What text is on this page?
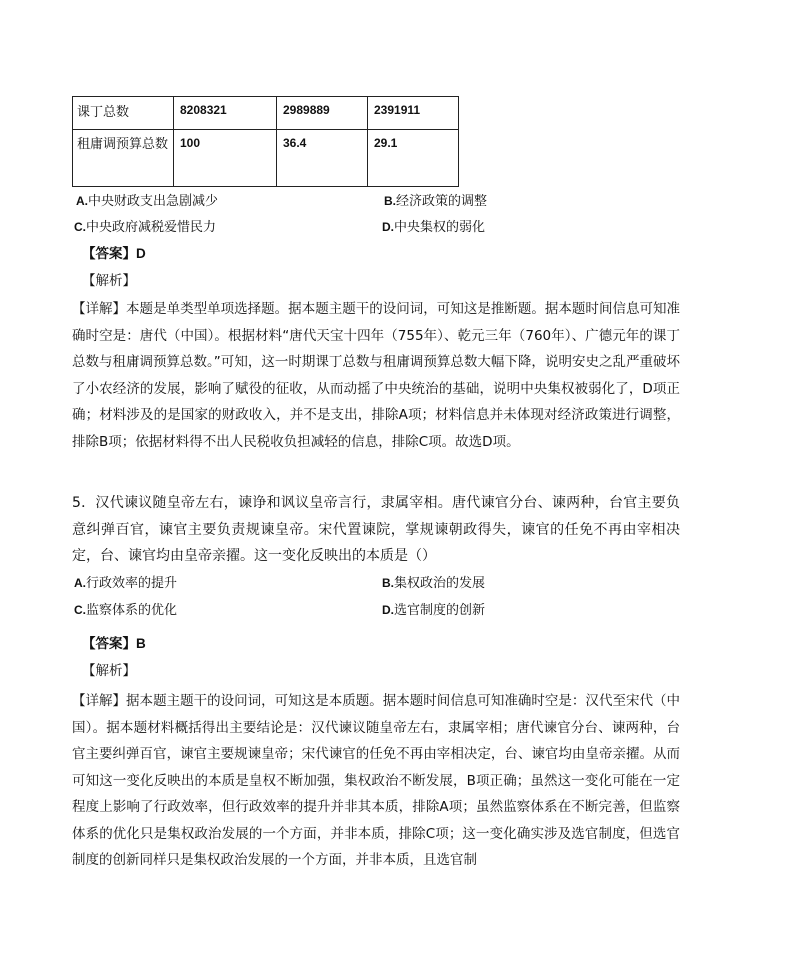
课丁总数	8208321	2989889	2391911
租庸调预算总数	100	36.4	29.1
A.中央财政支出急剧减少	B.经济政策的调整
C.中央政府减税爱惜民力	D.中央集权的弱化
【答案】D
【解析】
【详解】本题是单类型单项选择题。据本题主题干的设问词，可知这是推断题。据本题时间信息可知准确时空是：唐代（中国）。根据材料“唐代天宝十四年（755年）、乾元三年（760年）、广德元年的课丁总数与租庸调预算总数。”可知，这一时期课丁总数与租庸调预算总数大幅下降，说明安史之乱严重破坏了小农经济的发展，影响了赋役的征收，从而动摇了中央统治的基础，说明中央集权被弱化了，D项正确；材料涉及的是国家的财政收入，并不是支出，排除A项；材料信息并未体现对经济政策进行调整，排除B项；依据材料得不出人民税收负担减轻的信息，排除C项。故选D项。
5．汉代谏议随皇帝左右，谏诤和讽议皇帝言行，隶属宰相。唐代谏官分台、谏两种，台官主要负意纠弹百官，谏官主要负责规谏皇帝。宋代置谏院，掌规谏朝政得失，谏官的任免不再由宰相决定，台、谏官均由皇帝亲擢。这一变化反映出的本质是（）
A.行政效率的提升	B.集权政治的发展
C.监察体系的优化	D.选官制度的创新
【答案】B
【解析】
【详解】据本题主题干的设问词，可知这是本质题。据本题时间信息可知准确时空是：汉代至宋代（中国）。据本题材料概括得出主要结论是：汉代谏议随皇帝左右，隶属宰相；唐代谏官分台、谏两种，台官主要纠弹百官，谏官主要规谏皇帝；宋代谏官的任免不再由宰相决定，台、谏官均由皇帝亲擢。从而可知这一变化反映出的本质是皇权不断加强，集权政治不断发展，B项正确；虽然这一变化可能在一定程度上影响了行政效率，但行政效率的提升并非其本质，排除A项；虽然监察体系在不断完善，但监察体系的优化只是集权政治发展的一个方面，并非本质，排除C项；这一变化确实涉及选官制度，但选官制度的创新同样只是集权政治发展的一个方面，并非本质，且选官制
